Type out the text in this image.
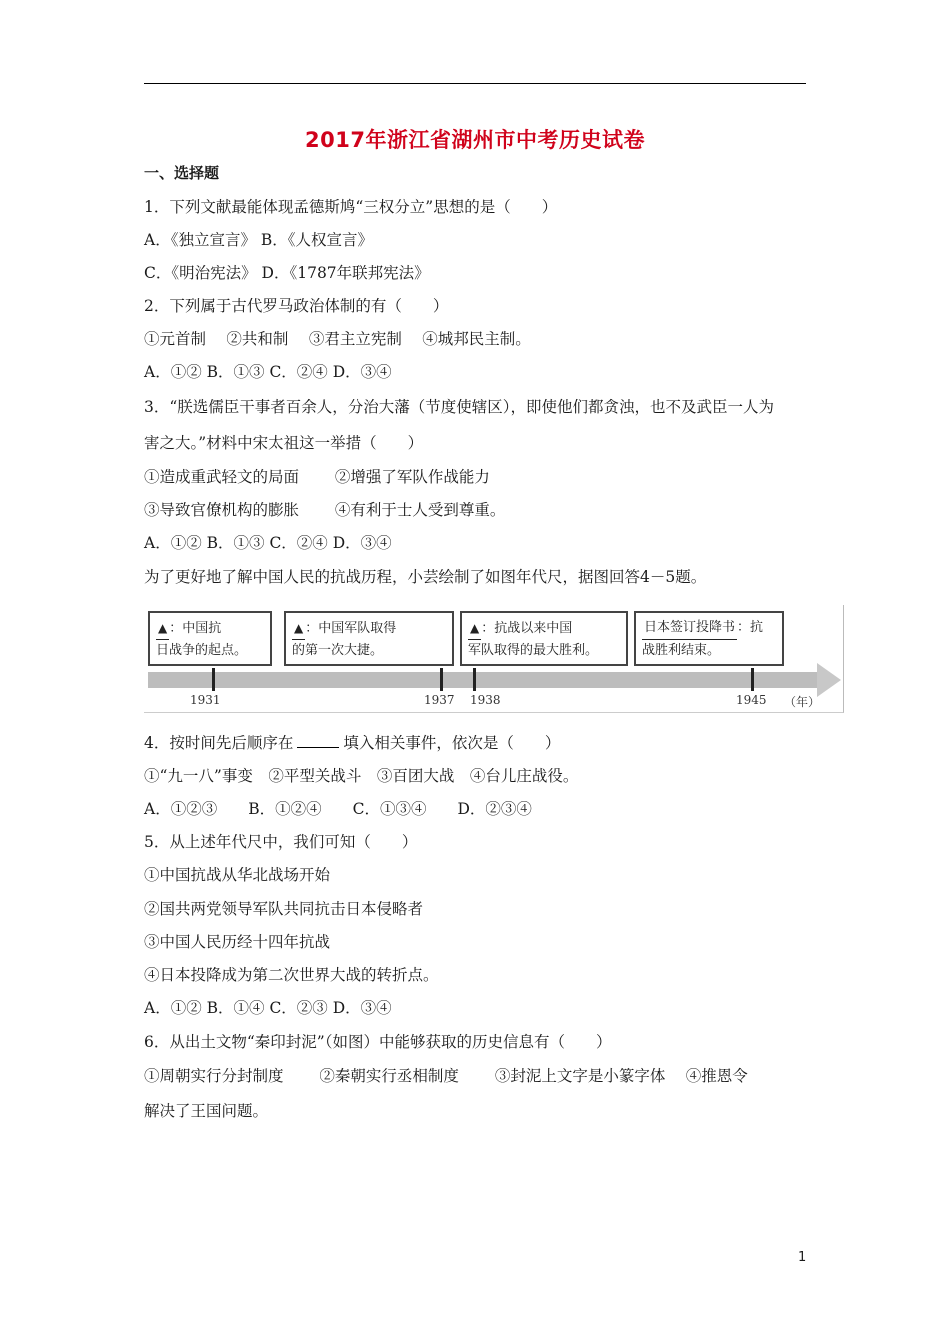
2017年浙江省湖州市中考历史试卷
一、选择题
1．下列文献最能体现孟德斯鸠“三权分立”思想的是（　　）
A．《独立宣言》 B．《人权宣言》
C．《明治宪法》 D．《1787年联邦宪法》
2．下列属于古代罗马政治体制的有（　　）
①元首制　 ②共和制　 ③君主立宪制　 ④城邦民主制。
A．①② B．①③ C．②④ D．③④
3．“朕选儒臣干事者百余人，分治大藩（节度使辖区），即使他们都贪浊，也不及武臣一人为
害之大。”材料中宋太祖这一举措（　　）
①造成重武轻文的局面　　 ②增强了军队作战能力
③导致官僚机构的膨胀　　 ④有利于士人受到尊重。
A．①② B．①③ C．②④ D．③④
为了更好地了解中国人民的抗战历程，小芸绘制了如图年代尺，据图回答4－5题。
▲ ：中国抗
日战争的起点。
▲ ：中国军队取得
的第一次大捷。
▲ ：抗战以来中国
军队取得的最大胜利。
日本签订投降书 ：抗
战胜利结束。
1931	1937 1938	1945 （年）
4．按时间先后顺序在	填入相关事件，依次是（　　）
①“九一八”事变　②平型关战斗　③百团大战　④台儿庄战役。
A．①②③　　B．①②④　　C．①③④　　D．②③④
5．从上述年代尺中，我们可知（　　）
①中国抗战从华北战场开始
②国共两党领导军队共同抗击日本侵略者
③中国人民历经十四年抗战
④日本投降成为第二次世界大战的转折点。
A．①② B．①④ C．②③ D．③④
6．从出土文物“秦印封泥”（如图）中能够获取的历史信息有（　　）
①周朝实行分封制度　　 ②秦朝实行丞相制度　　 ③封泥上文字是小篆字体　 ④推恩令
解决了王国问题。
1
